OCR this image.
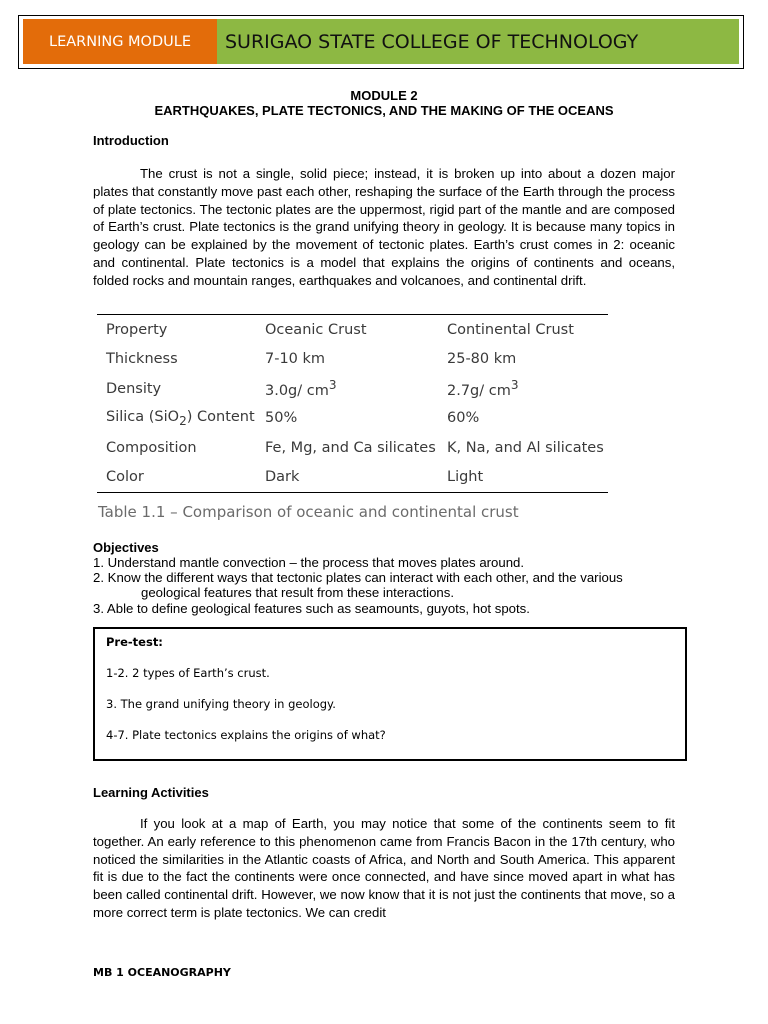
LEARNING MODULE	SURIGAO STATE COLLEGE OF TECHNOLOGY
MODULE 2
EARTHQUAKES, PLATE TECTONICS, AND THE MAKING OF THE OCEANS
Introduction

The crust is not a single, solid piece; instead, it is broken up into about a dozen major plates that constantly move past each other, reshaping the surface of the Earth through the process of plate tectonics. The tectonic plates are the uppermost, rigid part of the mantle and are composed of Earth’s crust. Plate tectonics is the grand unifying theory in geology. It is because many topics in geology can be explained by the movement of tectonic plates. Earth’s crust comes in 2: oceanic and continental. Plate tectonics is a model that explains the origins of continents and oceans, folded rocks and mountain ranges, earthquakes and volcanoes, and continental drift.

Property	Oceanic Crust	Continental Crust
Thickness	7-10 km	25-80 km
Density	3.0g/ $cm^3$	2.7g/ $cm^3$
Silica (SiO$_2$) Content	50%	60%
Composition	Fe, Mg, and Ca silicates	K, Na, and Al silicates
Color	Dark	Light
Table 1.1 – Comparison of oceanic and continental crust
Objectives
1. Understand mantle convection – the process that moves plates around.
2. Know the different ways that tectonic plates can interact with each other, and the various
geological features that result from these interactions.
3. Able to define geological features such as seamounts, guyots, hot spots.
Pre-test:
1-2. 2 types of Earth’s crust.
3. The grand unifying theory in geology.
4-7. Plate tectonics explains the origins of what?
Learning Activities

If you look at a map of Earth, you may notice that some of the continents seem to fit together. An early reference to this phenomenon came from Francis Bacon in the 17th century, who noticed the similarities in the Atlantic coasts of Africa, and North and South America. This apparent fit is due to the fact the continents were once connected, and have since moved apart in what has been called continental drift. However, we now know that it is not just the continents that move, so a more correct term is plate tectonics. We can credit

MB 1 OCEANOGRAPHY
